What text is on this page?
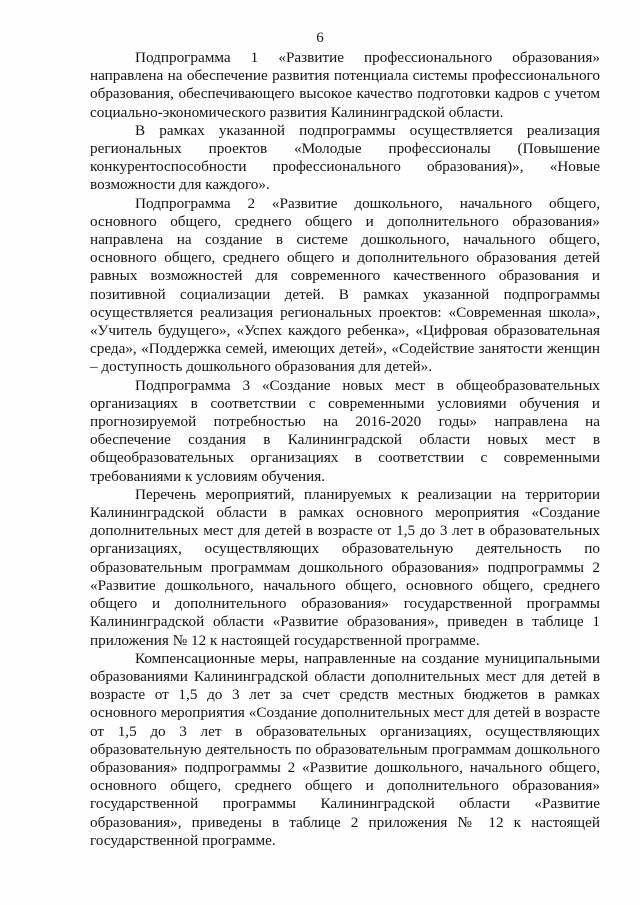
6

Подпрограмма 1 «Развитие профессионального образования» направлена на обеспечение развития потенциала системы профессионального образования, обеспечивающего высокое качество подготовки кадров с учетом социально-экономического развития Калининградской области.

В рамках указанной подпрограммы осуществляется реализация региональных проектов «Молодые профессионалы (Повышение конкурентоспособности профессионального образования)», «Новые возможности для каждого».

Подпрограмма 2 «Развитие дошкольного, начального общего, основного общего, среднего общего и дополнительного образования» направлена на создание в системе дошкольного, начального общего, основного общего, среднего общего и дополнительного образования детей равных возможностей для современного качественного образования и позитивной социализации детей. В рамках указанной подпрограммы осуществляется реализация региональных проектов: «Современная школа», «Учитель будущего», «Успех каждого ребенка», «Цифровая образовательная среда», «Поддержка семей, имеющих детей», «Содействие занятости женщин – доступность дошкольного образования для детей».

Подпрограмма 3 «Создание новых мест в общеобразовательных организациях в соответствии с современными условиями обучения и прогнозируемой потребностью на 2016-2020 годы» направлена на обеспечение создания в Калининградской области новых мест в общеобразовательных организациях в соответствии с современными требованиями к условиям обучения.

Перечень мероприятий, планируемых к реализации на территории Калининградской области в рамках основного мероприятия «Создание дополнительных мест для детей в возрасте от 1,5 до 3 лет в образовательных организациях, осуществляющих образовательную деятельность по образовательным программам дошкольного образования» подпрограммы 2 «Развитие дошкольного, начального общего, основного общего, среднего общего и дополнительного образования» государственной программы Калининградской области «Развитие образования», приведен в таблице 1 приложения № 12 к настоящей государственной программе.

Компенсационные меры, направленные на создание муниципальными образованиями Калининградской области дополнительных мест для детей в возрасте от 1,5 до 3 лет за счет средств местных бюджетов в рамках основного мероприятия «Создание дополнительных мест для детей в возрасте от 1,5 до 3 лет в образовательных организациях, осуществляющих образовательную деятельность по образовательным программам дошкольного образования» подпрограммы 2 «Развитие дошкольного, начального общего, основного общего, среднего общего и дополнительного образования» государственной программы Калининградской области «Развитие образования», приведены в таблице 2 приложения № 12 к настоящей государственной программе.
